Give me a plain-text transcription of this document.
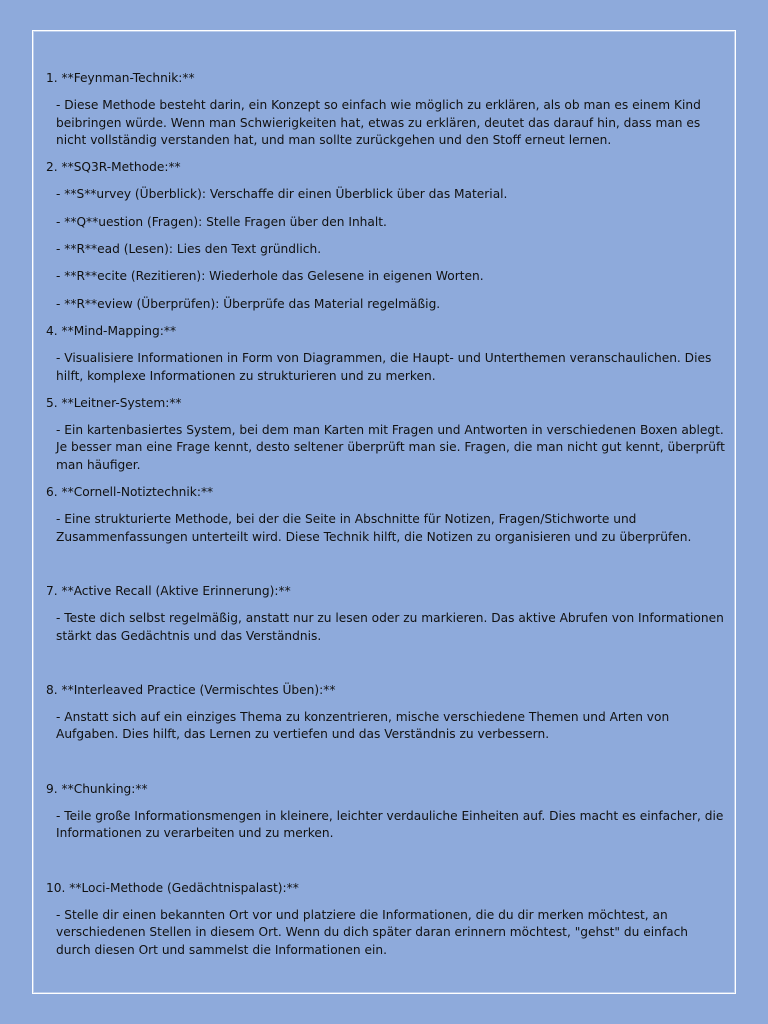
1. **Feynman-Technik:**

- Diese Methode besteht darin, ein Konzept so einfach wie möglich zu erklären, als ob man es einem Kind beibringen würde. Wenn man Schwierigkeiten hat, etwas zu erklären, deutet das darauf hin, dass man es nicht vollständig verstanden hat, und man sollte zurückgehen und den Stoff erneut lernen.

2. **SQ3R-Methode:**

- **S**urvey (Überblick): Verschaffe dir einen Überblick über das Material.

- **Q**uestion (Fragen): Stelle Fragen über den Inhalt.

- **R**ead (Lesen): Lies den Text gründlich.

- **R**ecite (Rezitieren): Wiederhole das Gelesene in eigenen Worten.

- **R**eview (Überprüfen): Überprüfe das Material regelmäßig.

4. **Mind-Mapping:**

- Visualisiere Informationen in Form von Diagrammen, die Haupt- und Unterthemen veranschaulichen. Dies hilft, komplexe Informationen zu strukturieren und zu merken.

5. **Leitner-System:**

- Ein kartenbasiertes System, bei dem man Karten mit Fragen und Antworten in verschiedenen Boxen ablegt. Je besser man eine Frage kennt, desto seltener überprüft man sie. Fragen, die man nicht gut kennt, überprüft man häufiger.

6. **Cornell-Notiztechnik:**

- Eine strukturierte Methode, bei der die Seite in Abschnitte für Notizen, Fragen/Stichworte und Zusammenfassungen unterteilt wird. Diese Technik hilft, die Notizen zu organisieren und zu überprüfen.

7. **Active Recall (Aktive Erinnerung):**

- Teste dich selbst regelmäßig, anstatt nur zu lesen oder zu markieren. Das aktive Abrufen von Informationen stärkt das Gedächtnis und das Verständnis.

8. **Interleaved Practice (Vermischtes Üben):**

- Anstatt sich auf ein einziges Thema zu konzentrieren, mische verschiedene Themen und Arten von Aufgaben. Dies hilft, das Lernen zu vertiefen und das Verständnis zu verbessern.

9. **Chunking:**

- Teile große Informationsmengen in kleinere, leichter verdauliche Einheiten auf. Dies macht es einfacher, die Informationen zu verarbeiten und zu merken.

10. **Loci-Methode (Gedächtnispalast):**

- Stelle dir einen bekannten Ort vor und platziere die Informationen, die du dir merken möchtest, an verschiedenen Stellen in diesem Ort. Wenn du dich später daran erinnern möchtest, "gehst" du einfach durch diesen Ort und sammelst die Informationen ein.
